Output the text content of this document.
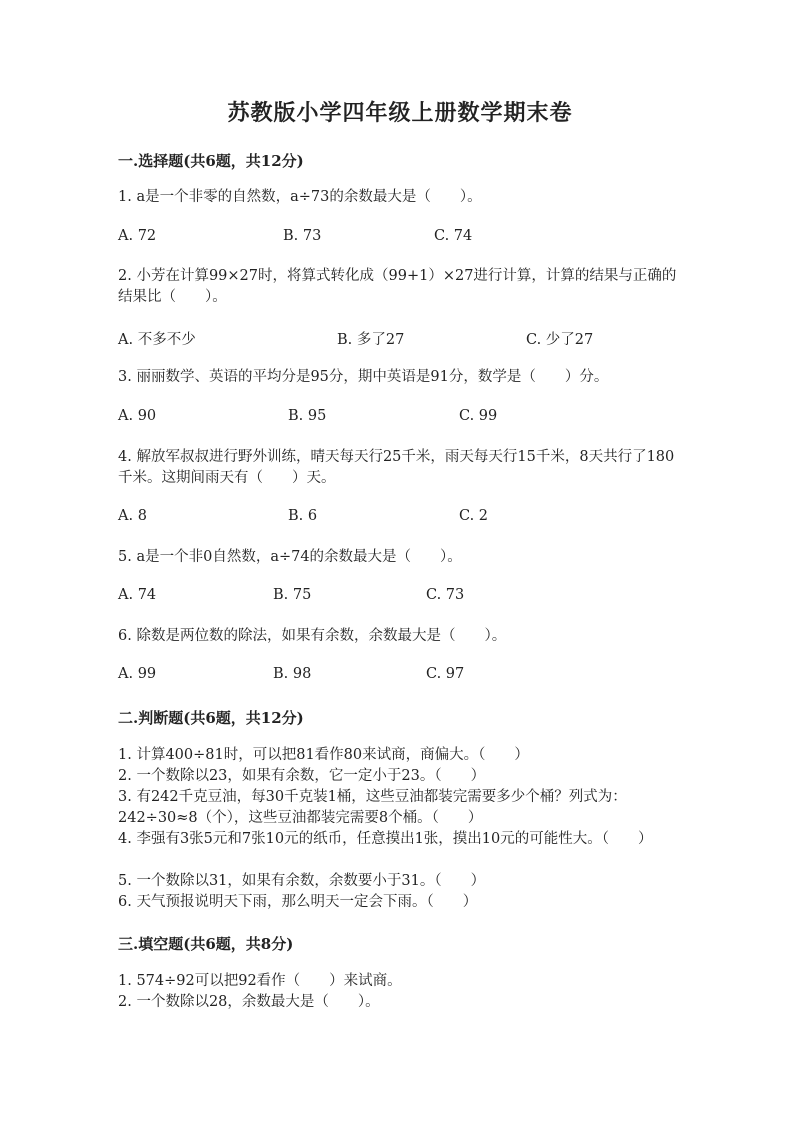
苏教版小学四年级上册数学期末卷
一.选择题(共6题，共12分)
1. a是一个非零的自然数，a÷73的余数最大是（　　）。
A. 72	B. 73	C. 74
2. 小芳在计算99×27时，将算式转化成（99+1）×27进行计算，计算的结果与正确的结果比（　　）。
A. 不多不少	B. 多了27	C. 少了27
3. 丽丽数学、英语的平均分是95分，期中英语是91分，数学是（　　）分。
A. 90	B. 95	C. 99
4. 解放军叔叔进行野外训练，晴天每天行25千米，雨天每天行15千米，8天共行了180千米。这期间雨天有（　　）天。
A. 8	B. 6	C. 2
5. a是一个非0自然数，a÷74的余数最大是（　　）。
A. 74	B. 75	C. 73
6. 除数是两位数的除法，如果有余数，余数最大是（　　）。
A. 99	B. 98	C. 97
二.判断题(共6题，共12分)
1. 计算400÷81时，可以把81看作80来试商，商偏大。（　　）
2. 一个数除以23，如果有余数，它一定小于23。（　　）
3. 有242千克豆油，每30千克装1桶，这些豆油都装完需要多少个桶？列式为：242÷30≈8（个），这些豆油都装完需要8个桶。（　　）
4. 李强有3张5元和7张10元的纸币，任意摸出1张，摸出10元的可能性大。（　　）
5. 一个数除以31，如果有余数，余数要小于31。（　　）
6. 天气预报说明天下雨，那么明天一定会下雨。（　　）
三.填空题(共6题，共8分)
1. 574÷92可以把92看作（　　）来试商。
2. 一个数除以28，余数最大是（　　）。
